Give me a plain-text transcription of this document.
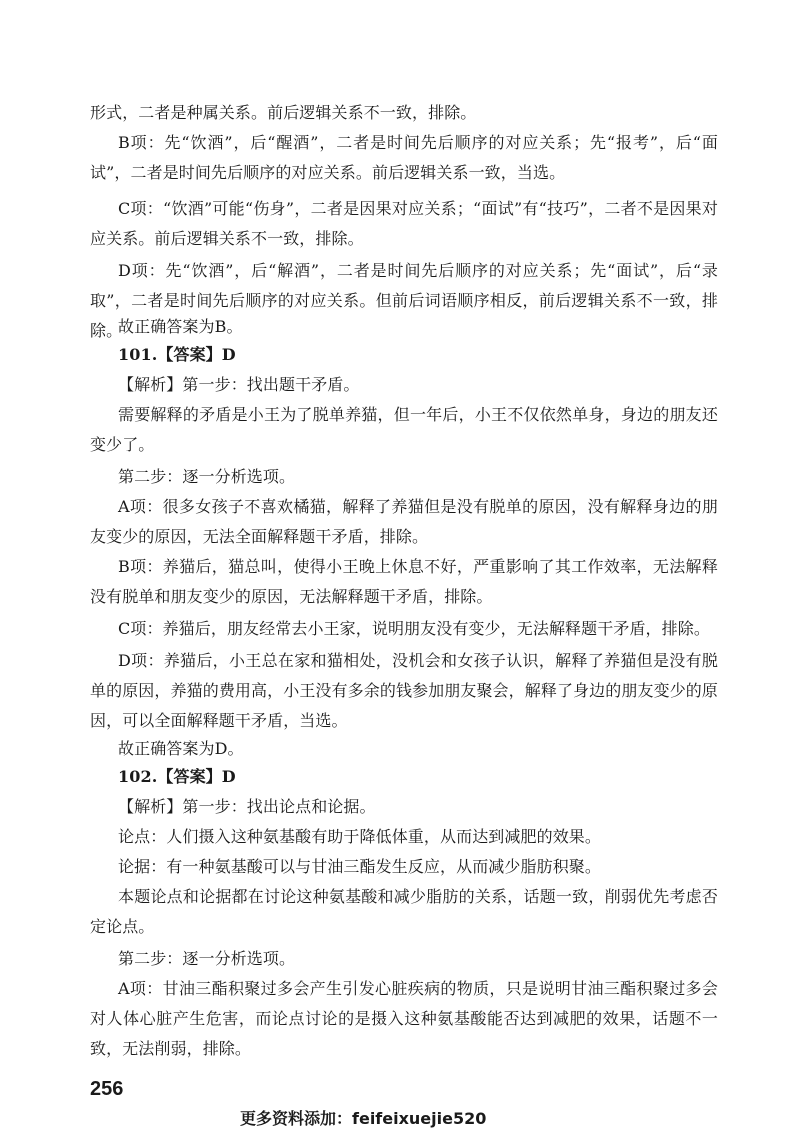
形式，二者是种属关系。前后逻辑关系不一致，排除。

B项：先“饮酒”，后“醒酒”，二者是时间先后顺序的对应关系；先“报考”，后“面试”，二者是时间先后顺序的对应关系。前后逻辑关系一致，当选。

C项：“饮酒”可能“伤身”，二者是因果对应关系；“面试”有“技巧”，二者不是因果对应关系。前后逻辑关系不一致，排除。

D项：先“饮酒”，后“解酒”，二者是时间先后顺序的对应关系；先“面试”，后“录取”，二者是时间先后顺序的对应关系。但前后词语顺序相反，前后逻辑关系不一致，排除。

故正确答案为B。

101.【答案】D

【解析】第一步：找出题干矛盾。

需要解释的矛盾是小王为了脱单养猫，但一年后，小王不仅依然单身，身边的朋友还变少了。

第二步：逐一分析选项。

A项：很多女孩子不喜欢橘猫，解释了养猫但是没有脱单的原因，没有解释身边的朋友变少的原因，无法全面解释题干矛盾，排除。

B项：养猫后，猫总叫，使得小王晚上休息不好，严重影响了其工作效率，无法解释没有脱单和朋友变少的原因，无法解释题干矛盾，排除。

C项：养猫后，朋友经常去小王家，说明朋友没有变少，无法解释题干矛盾，排除。

D项：养猫后，小王总在家和猫相处，没机会和女孩子认识，解释了养猫但是没有脱单的原因，养猫的费用高，小王没有多余的钱参加朋友聚会，解释了身边的朋友变少的原因，可以全面解释题干矛盾，当选。

故正确答案为D。

102.【答案】D

【解析】第一步：找出论点和论据。

论点：人们摄入这种氨基酸有助于降低体重，从而达到减肥的效果。

论据：有一种氨基酸可以与甘油三酯发生反应，从而减少脂肪积聚。

本题论点和论据都在讨论这种氨基酸和减少脂肪的关系，话题一致，削弱优先考虑否定论点。

第二步：逐一分析选项。

A项：甘油三酯积聚过多会产生引发心脏疾病的物质，只是说明甘油三酯积聚过多会对人体心脏产生危害，而论点讨论的是摄入这种氨基酸能否达到减肥的效果，话题不一致，无法削弱，排除。

256

更多资料添加：feifeixuejie520
